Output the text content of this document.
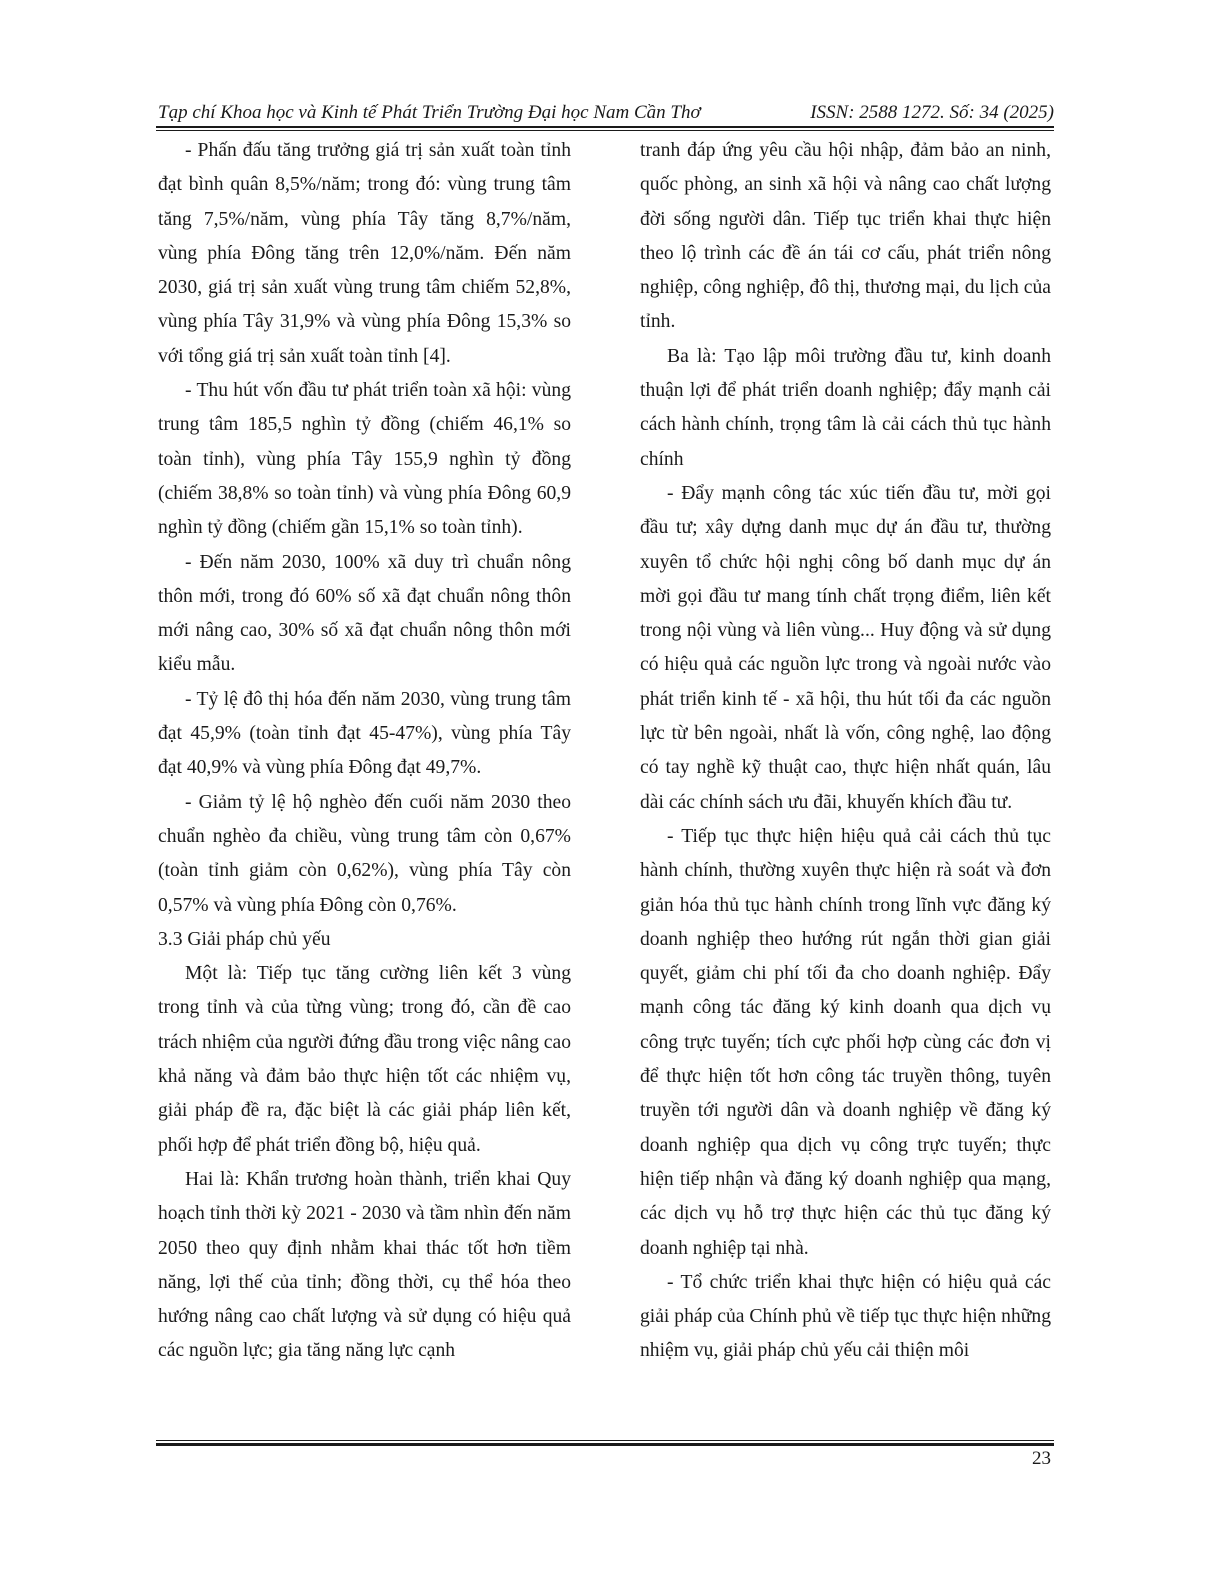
Tạp chí Khoa học và Kinh tế Phát Triển Trường Đại học Nam Cần Thơ	ISSN: 2588 1272. Số: 34 (2025)

- Phấn đấu tăng trưởng giá trị sản xuất toàn tỉnh đạt bình quân 8,5%/năm; trong đó: vùng trung tâm tăng 7,5%/năm, vùng phía Tây tăng 8,7%/năm, vùng phía Đông tăng trên 12,0%/năm. Đến năm 2030, giá trị sản xuất vùng trung tâm chiếm 52,8%, vùng phía Tây 31,9% và vùng phía Đông 15,3% so với tổng giá trị sản xuất toàn tỉnh [4].

- Thu hút vốn đầu tư phát triển toàn xã hội: vùng trung tâm 185,5 nghìn tỷ đồng (chiếm 46,1% so toàn tỉnh), vùng phía Tây 155,9 nghìn tỷ đồng (chiếm 38,8% so toàn tỉnh) và vùng phía Đông 60,9 nghìn tỷ đồng (chiếm gần 15,1% so toàn tỉnh).

- Đến năm 2030, 100% xã duy trì chuẩn nông thôn mới, trong đó 60% số xã đạt chuẩn nông thôn mới nâng cao, 30% số xã đạt chuẩn nông thôn mới kiểu mẫu.

- Tỷ lệ đô thị hóa đến năm 2030, vùng trung tâm đạt 45,9% (toàn tỉnh đạt 45-47%), vùng phía Tây đạt 40,9% và vùng phía Đông đạt 49,7%.

- Giảm tỷ lệ hộ nghèo đến cuối năm 2030 theo chuẩn nghèo đa chiều, vùng trung tâm còn 0,67% (toàn tỉnh giảm còn 0,62%), vùng phía Tây còn 0,57% và vùng phía Đông còn 0,76%.

3.3 Giải pháp chủ yếu

Một là: Tiếp tục tăng cường liên kết 3 vùng trong tỉnh và của từng vùng; trong đó, cần đề cao trách nhiệm của người đứng đầu trong việc nâng cao khả năng và đảm bảo thực hiện tốt các nhiệm vụ, giải pháp đề ra, đặc biệt là các giải pháp liên kết, phối hợp để phát triển đồng bộ, hiệu quả.

Hai là: Khẩn trương hoàn thành, triển khai Quy hoạch tỉnh thời kỳ 2021 - 2030 và tầm nhìn đến năm 2050 theo quy định nhằm khai thác tốt hơn tiềm năng, lợi thế của tỉnh; đồng thời, cụ thể hóa theo hướng nâng cao chất lượng và sử dụng có hiệu quả các nguồn lực; gia tăng năng lực cạnh

tranh đáp ứng yêu cầu hội nhập, đảm bảo an ninh, quốc phòng, an sinh xã hội và nâng cao chất lượng đời sống người dân. Tiếp tục triển khai thực hiện theo lộ trình các đề án tái cơ cấu, phát triển nông nghiệp, công nghiệp, đô thị, thương mại, du lịch của tỉnh.

Ba là: Tạo lập môi trường đầu tư, kinh doanh thuận lợi để phát triển doanh nghiệp; đẩy mạnh cải cách hành chính, trọng tâm là cải cách thủ tục hành chính

- Đẩy mạnh công tác xúc tiến đầu tư, mời gọi đầu tư; xây dựng danh mục dự án đầu tư, thường xuyên tổ chức hội nghị công bố danh mục dự án mời gọi đầu tư mang tính chất trọng điểm, liên kết trong nội vùng và liên vùng... Huy động và sử dụng có hiệu quả các nguồn lực trong và ngoài nước vào phát triển kinh tế - xã hội, thu hút tối đa các nguồn lực từ bên ngoài, nhất là vốn, công nghệ, lao động có tay nghề kỹ thuật cao, thực hiện nhất quán, lâu dài các chính sách ưu đãi, khuyến khích đầu tư.

- Tiếp tục thực hiện hiệu quả cải cách thủ tục hành chính, thường xuyên thực hiện rà soát và đơn giản hóa thủ tục hành chính trong lĩnh vực đăng ký doanh nghiệp theo hướng rút ngắn thời gian giải quyết, giảm chi phí tối đa cho doanh nghiệp. Đẩy mạnh công tác đăng ký kinh doanh qua dịch vụ công trực tuyến; tích cực phối hợp cùng các đơn vị để thực hiện tốt hơn công tác truyền thông, tuyên truyền tới người dân và doanh nghiệp về đăng ký doanh nghiệp qua dịch vụ công trực tuyến; thực hiện tiếp nhận và đăng ký doanh nghiệp qua mạng, các dịch vụ hỗ trợ thực hiện các thủ tục đăng ký doanh nghiệp tại nhà.

- Tổ chức triển khai thực hiện có hiệu quả các giải pháp của Chính phủ về tiếp tục thực hiện những nhiệm vụ, giải pháp chủ yếu cải thiện môi

23
